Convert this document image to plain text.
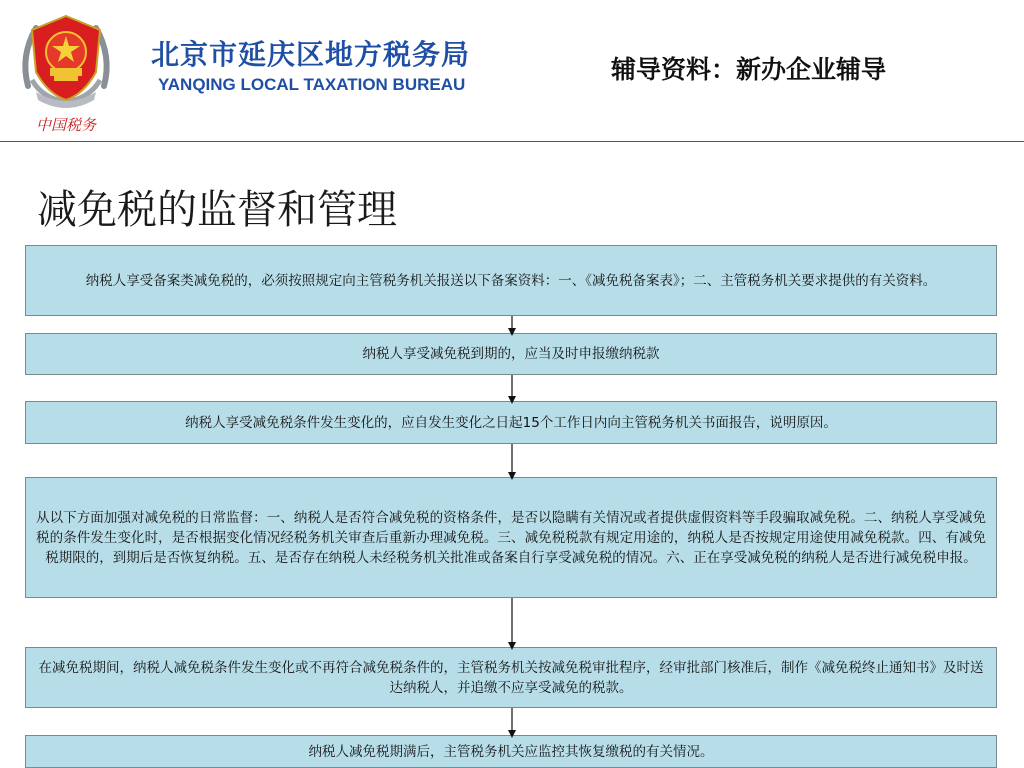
中国税务
北京市延庆区地方税务局
YANQING LOCAL TAXATION BUREAU
辅导资料：新办企业辅导
减免税的监督和管理
纳税人享受备案类减免税的，必须按照规定向主管税务机关报送以下备案资料：一、《减免税备案表》；二、主管税务机关要求提供的有关资料。
纳税人享受减免税到期的，应当及时申报缴纳税款
纳税人享受减免税条件发生变化的，应自发生变化之日起15个工作日内向主管税务机关书面报告，说明原因。
从以下方面加强对减免税的日常监督：一、纳税人是否符合减免税的资格条件，是否以隐瞒有关情况或者提供虚假资料等手段骗取减免税。二、纳税人享受减免税的条件发生变化时，是否根据变化情况经税务机关审查后重新办理减免税。三、减免税税款有规定用途的，纳税人是否按规定用途使用减免税款。四、有减免税期限的，到期后是否恢复纳税。五、是否存在纳税人未经税务机关批准或备案自行享受减免税的情况。六、正在享受减免税的纳税人是否进行减免税申报。
在减免税期间，纳税人减免税条件发生变化或不再符合减免税条件的，主管税务机关按减免税审批程序，经审批部门核准后，制作《减免税终止通知书》及时送达纳税人，并追缴不应享受减免的税款。
纳税人减免税期满后，主管税务机关应监控其恢复缴税的有关情况。
